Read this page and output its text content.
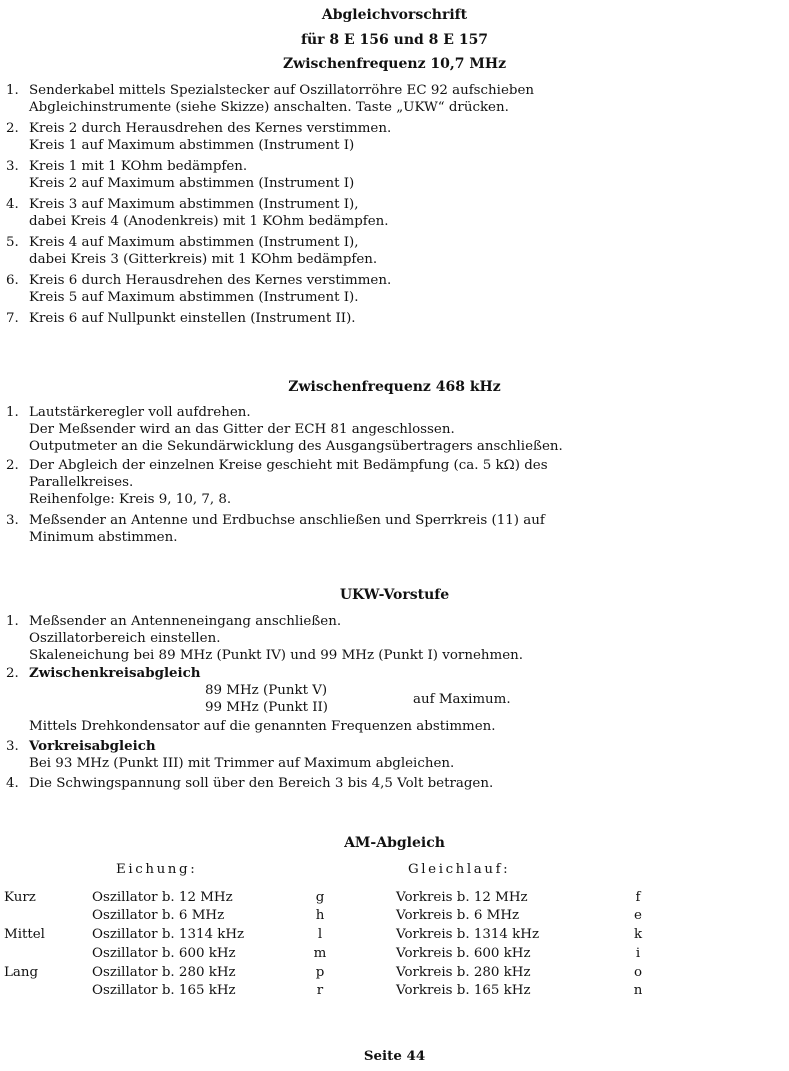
Abgleichvorschrift
für 8 E 156 und 8 E 157
Zwischenfrequenz 10,7 MHz
1. Senderkabel mittels Spezialstecker auf Oszillatorröhre EC 92 aufschieben
Abgleichinstrumente (siehe Skizze) anschalten. Taste „UKW“ drücken.
2. Kreis 2 durch Herausdrehen des Kernes verstimmen.
Kreis 1 auf Maximum abstimmen (Instrument I)
3. Kreis 1 mit 1 KOhm bedämpfen.
Kreis 2 auf Maximum abstimmen (Instrument I)
4. Kreis 3 auf Maximum abstimmen (Instrument I),
dabei Kreis 4 (Anodenkreis) mit 1 KOhm bedämpfen.
5. Kreis 4 auf Maximum abstimmen (Instrument I),
dabei Kreis 3 (Gitterkreis) mit 1 KOhm bedämpfen.
6. Kreis 6 durch Herausdrehen des Kernes verstimmen.
Kreis 5 auf Maximum abstimmen (Instrument I).
7. Kreis 6 auf Nullpunkt einstellen (Instrument II).
Zwischenfrequenz 468 kHz
1. Lautstärkeregler voll aufdrehen.
Der Meßsender wird an das Gitter der ECH 81 angeschlossen.
Outputmeter an die Sekundärwicklung des Ausgangsübertragers anschließen.
2. Der Abgleich der einzelnen Kreise geschieht mit Bedämpfung (ca. 5 kΩ) des
Parallelkreises.
Reihenfolge: Kreis 9, 10, 7, 8.
3. Meßsender an Antenne und Erdbuchse anschließen und Sperrkreis (11) auf
Minimum abstimmen.
UKW-Vorstufe
1. Meßsender an Antenneneingang anschließen.
Oszillatorbereich einstellen.
Skaleneichung bei 89 MHz (Punkt IV) und 99 MHz (Punkt I) vornehmen.
2. Zwischenkreisabgleich
89 MHz (Punkt V)
99 MHz (Punkt II)
auf Maximum.
Mittels Drehkondensator auf die genannten Frequenzen abstimmen.
3. Vorkreisabgleich
Bei 93 MHz (Punkt III) mit Trimmer auf Maximum abgleichen.
4. Die Schwingspannung soll über den Bereich 3 bis 4,5 Volt betragen.
AM-Abgleich
Eichung:	Gleichlauf:
Kurz	Oszillator b. 12 MHz	g	Vorkreis b. 12 MHz	f
Oszillator b. 6 MHz	h	Vorkreis b. 6 MHz	e
Mittel	Oszillator b. 1314 kHz	l	Vorkreis b. 1314 kHz	k
Oszillator b. 600 kHz	m	Vorkreis b. 600 kHz	i
Lang	Oszillator b. 280 kHz	p	Vorkreis b. 280 kHz	o
Oszillator b. 165 kHz	r	Vorkreis b. 165 kHz	n
Seite 44
